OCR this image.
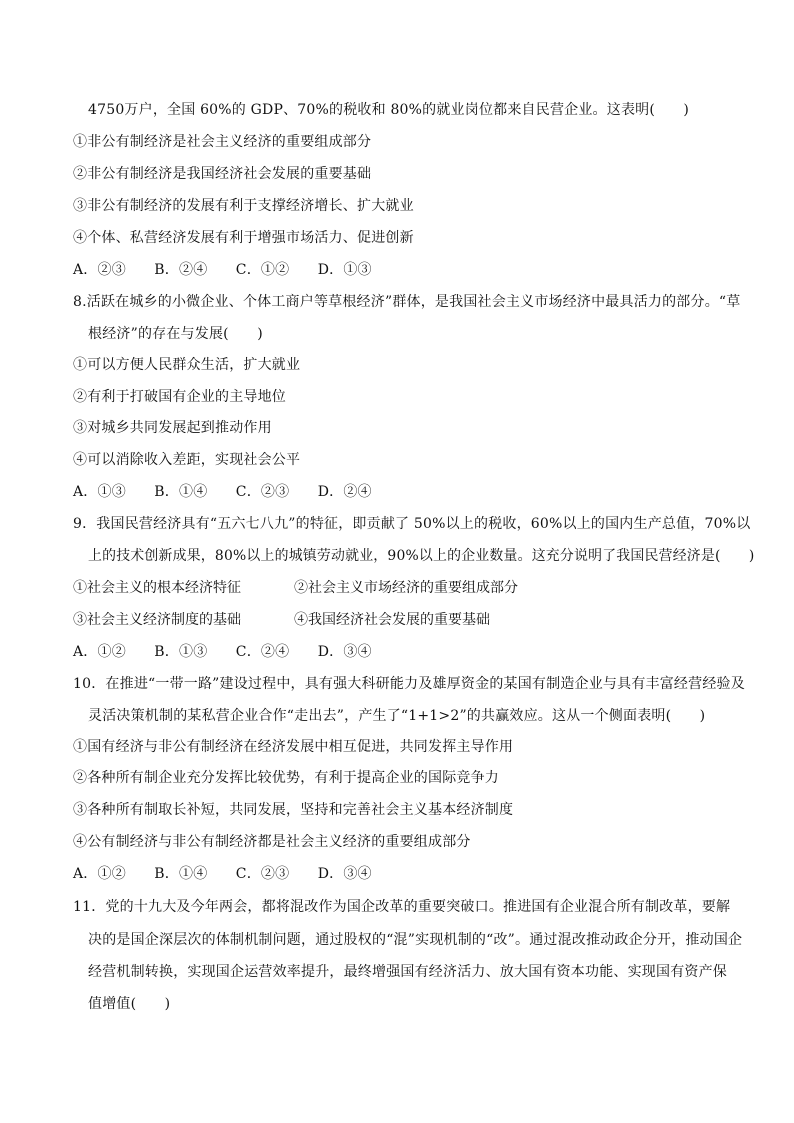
4750万户，全国 60%的 GDP、70%的税收和 80%的就业岗位都来自民营企业。这表明(　　)
①非公有制经济是社会主义经济的重要组成部分
②非公有制经济是我国经济社会发展的重要基础
③非公有制经济的发展有利于支撑经济增长、扩大就业
④个体、私营经济发展有利于增强市场活力、促进创新
A．②③　　B．②④　　C．①②　　D．①③
8.活跃在城乡的小微企业、个体工商户等草根经济”群体，是我国社会主义市场经济中最具活力的部分。“草
根经济”的存在与发展(　　)
①可以方便人民群众生活，扩大就业
②有利于打破国有企业的主导地位
③对城乡共同发展起到推动作用
④可以消除收入差距，实现社会公平
A．①③　　B．①④　　C．②③　　D．②④
9．我国民营经济具有“五六七八九”的特征，即贡献了 50%以上的税收，60%以上的国内生产总值，70%以
上的技术创新成果，80%以上的城镇劳动就业，90%以上的企业数量。这充分说明了我国民营经济是(　　)
①社会主义的根本经济特征	②社会主义市场经济的重要组成部分
③社会主义经济制度的基础	④我国经济社会发展的重要基础
A．①②　　B．①③　　C．②④　　D．③④
10．在推进“一带一路”建设过程中，具有强大科研能力及雄厚资金的某国有制造企业与具有丰富经营经验及
灵活决策机制的某私营企业合作“走出去”，产生了“1+1>2”的共赢效应。这从一个侧面表明(　　)
①国有经济与非公有制经济在经济发展中相互促进，共同发挥主导作用
②各种所有制企业充分发挥比较优势，有利于提高企业的国际竞争力
③各种所有制取长补短，共同发展，坚持和完善社会主义基本经济制度
④公有制经济与非公有制经济都是社会主义经济的重要组成部分
A．①②　　B．①④　　C．②③　　D．③④
11．党的十九大及今年两会，都将混改作为国企改革的重要突破口。推进国有企业混合所有制改革，要解
决的是国企深层次的体制机制问题，通过股权的“混”实现机制的“改”。通过混改推动政企分开，推动国企
经营机制转换，实现国企运营效率提升，最终增强国有经济活力、放大国有资本功能、实现国有资产保
值增值(　　)
